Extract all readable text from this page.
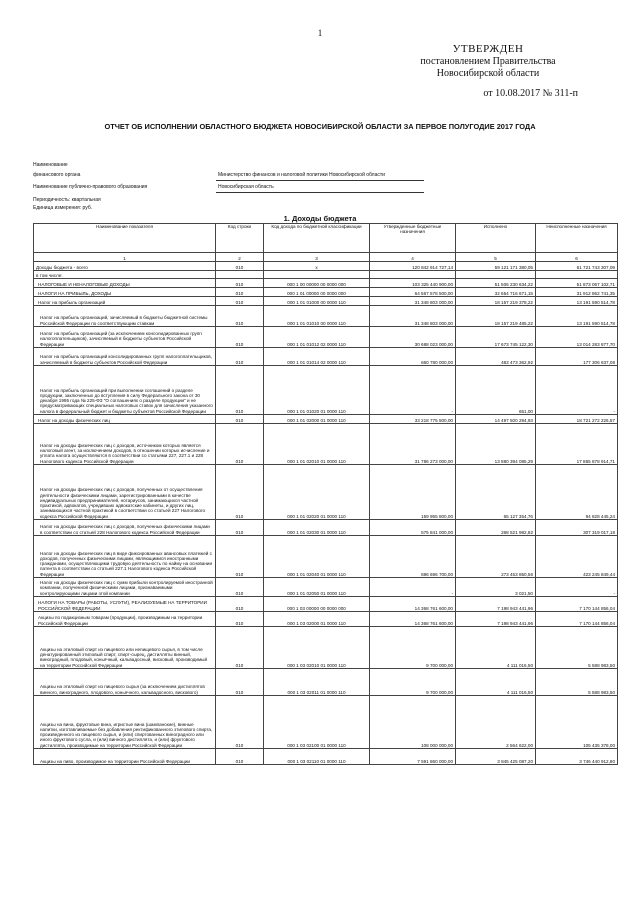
1
УТВЕРЖДЕН
постановлением Правительства
Новосибирской области
от 10.08.2017 № 311-п
ОТЧЕТ ОБ ИСПОЛНЕНИИ ОБЛАСТНОГО БЮДЖЕТА НОВОСИБИРСКОЙ ОБЛАСТИ ЗА ПЕРВОЕ ПОЛУГОДИЕ 2017 ГОДА
Наименование
финансового органа	Министерство финансов и налоговой политики Новосибирской области
Наименование публично-правового образования	Новосибирская область
Периодичность: квартальная
Единица измерения: руб.
1. Доходы бюджета
Наименование показателя	Код строки	Код дохода по бюджетной классификации	Утвержденные бюджетные назначения	Исполнено	Неисполненные назначения
1	2	3	4	5	6
Доходы бюджета - всего	010	х	120 842 914 727,14	59 121 171 380,05	61 721 743 307,09
в том числе:					
НАЛОГОВЫЕ И НЕНАЛОГОВЫЕ ДОХОДЫ	010	000 1 00 00000 00 0000 000	103 325 440 900,00	51 506 230 634,22	51 873 067 102,71
НАЛОГИ НА ПРИБЫЛЬ, ДОХОДЫ	010	000 1 01 00000 00 0000 000	64 567 578 500,00	32 654 716 671,15	31 912 862 741,35
Налог на прибыль организаций	010	000 1 01 01000 00 0000 110	31 348 803 000,00	18 157 219 378,22	13 191 590 514,78
Налог на прибыль организаций, зачисляемый в бюджеты бюджетной системы Российской Федерации по соответствующим ставкам	010	000 1 01 01010 00 0000 110	31 348 803 000,00	18 157 219 485,22	13 191 590 514,78
Налог на прибыль организаций (за исключением консолидированных групп налогоплательщиков), зачисляемый в бюджеты субъектов Российской Федерации	010	000 1 01 01012 02 0000 110	30 688 023 000,00	17 673 745 122,30	13 014 283 877,70
Налог на прибыль организаций консолидированных групп налогоплательщиков, зачисляемый в бюджеты субъектов Российской Федерации	010	000 1 01 01014 02 0000 110	660 780 000,00	483 473 362,92	177 306 637,08
Налог на прибыль организаций при выполнении соглашений о разделе продукции, заключенных до вступления в силу Федерального закона от 30 декабря 1995 года № 225-ФЗ "О соглашениях о разделе продукции" и не предусматривающих специальных налоговых ставок для зачисления указанного налога в федеральный бюджет и бюджеты субъектов Российской Федерации	010	000 1 01 01020 01 0000 110	-	651,00	-
Налог на доходы физических лиц	010	000 1 01 02000 01 0000 110	33 218 775 500,00	14 497 500 294,93	18 721 272 226,57
Налог на доходы физических лиц с доходов, источником которых является налоговый агент, за исключением доходов, в отношении которых исчисление и уплата налога осуществляются в соответствии со статьями 227, 227.1 и 228 Налогового кодекса Российской Федерации	010	000 1 01 02010 01 0000 110	31 786 273 000,00	13 880 394 085,29	17 865 878 914,71
Налог на доходы физических лиц с доходов, полученных от осуществления деятельности физическими лицами, зарегистрированными в качестве индивидуальных предпринимателей, нотариусов, занимающихся частной практикой, адвокатов, учредивших адвокатские кабинеты, и других лиц, занимающихся частной практикой в соответствии со статьей 227 Налогового кодекса Российской Федерации	010	000 1 01 02020 01 0000 110	159 955 800,00	65 127 354,76	94 828 445,24
Налог на доходы физических лиц с доходов, полученных физическими лицами в соответствии со статьей 228 Налогового кодекса Российской Федерации	010	000 1 01 02030 01 0000 110	575 841 000,00	268 521 982,82	307 319 017,18
Налог на доходы физических лиц в виде фиксированных авансовых платежей с доходов, полученных физическими лицами, являющимися иностранными гражданами, осуществляющими трудовую деятельность по найму на основании патента в соответствии со статьей 227.1 Налогового кодекса Российской Федерации	010	000 1 01 02040 01 0000 110	696 696 700,00	273 453 850,56	423 245 849,44
Налог на доходы физических лиц с сумм прибыли контролируемой иностранной компании, полученной физическими лицами, признаваемыми контролирующими лицами этой компании	010	000 1 01 02050 01 0000 110	-	3 021,50	-
НАЛОГИ НА ТОВАРЫ (РАБОТЫ, УСЛУГИ), РЕАЛИЗУЕМЫЕ НА ТЕРРИТОРИИ РОССИЙСКОЙ ФЕДЕРАЦИИ	010	000 1 03 00000 00 0000 000	14 368 761 600,00	7 198 943 441,96	7 170 144 856,04
Акцизы по подакцизным товарам (продукции), производимым на территории Российской Федерации	010	000 1 03 02000 01 0000 110	14 368 761 600,00	7 198 943 441,96	7 170 144 856,04
Акцизы на этиловый спирт из пищевого или непищевого сырья, в том числе денатурированный этиловый спирт, спирт-сырец, дистилляты винный, виноградный, плодовый, коньячный, кальвадосный, висковый, производимый на территории Российской Федерации	010	000 1 03 02010 01 0000 110	9 700 000,00	4 111 016,50	5 588 983,50
Акцизы на этиловый спирт из пищевого сырья (за исключением дистиллятов винного, виноградного, плодового, коньячного, кальвадосного, вискового)	010	000 1 03 02011 01 0000 110	9 700 000,00	4 111 016,50	5 588 983,50
Акцизы на вина, фруктовые вина, игристые вина (шампанские), винные напитки, изготавливаемые без добавления ректификованного этилового спирта, произведенного из пищевого сырья, и (или) спиртованных виноградного или иного фруктового сусла, и (или) винного дистиллята, и (или) фруктового дистиллята, производимые на территории Российской Федерации	010	000 1 03 02100 01 0000 110	108 000 000,00	2 564 622,00	105 435 378,00
Акцизы на пиво, производимое на территории Российской Федерации	010	000 1 03 02110 01 0000 110	7 591 860 000,00	3 845 425 087,20	3 746 440 912,80
